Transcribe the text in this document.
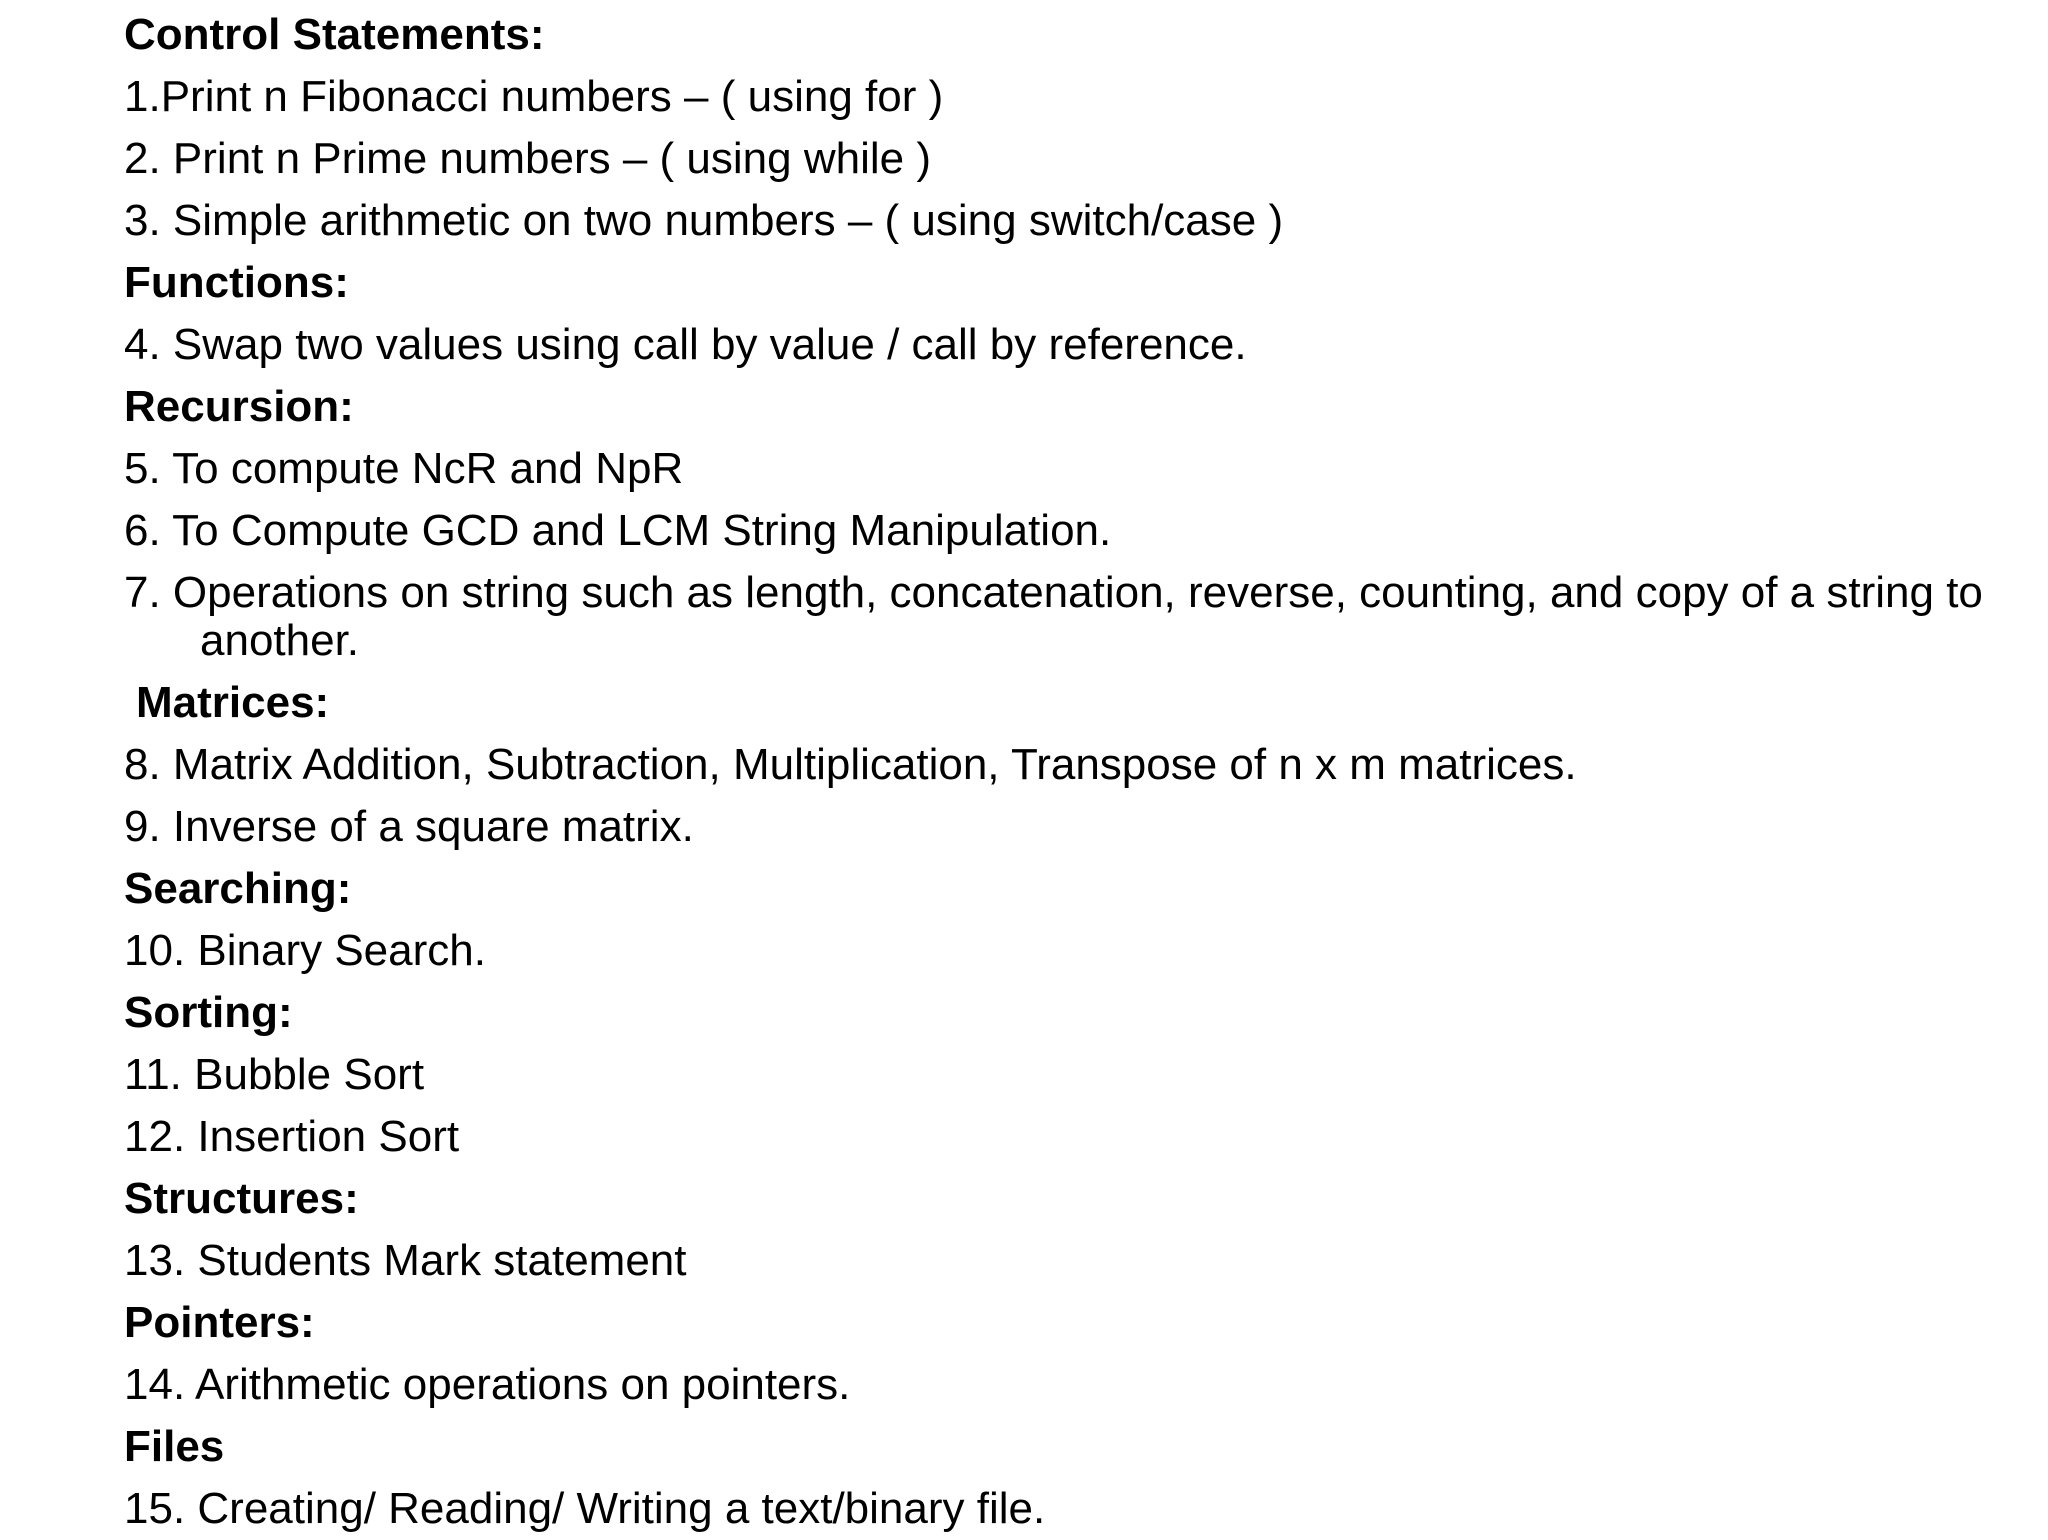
Control Statements:

1.Print n Fibonacci numbers – ( using for )

2. Print n Prime numbers – ( using while )

3. Simple arithmetic on two numbers – ( using switch/case )

Functions:

4. Swap two values using call by value / call by reference.

Recursion:

5. To compute NcR and NpR

6. To Compute GCD and LCM String Manipulation.

7. Operations on string such as length, concatenation, reverse, counting, and copy of a string to another.

Matrices:

8. Matrix Addition, Subtraction, Multiplication, Transpose of n x m matrices.

9. Inverse of a square matrix.

Searching:

10. Binary Search.

Sorting:

11. Bubble Sort

12. Insertion Sort

Structures:

13. Students Mark statement

Pointers:

14. Arithmetic operations on pointers.

Files

15. Creating/ Reading/ Writing a text/binary file.
